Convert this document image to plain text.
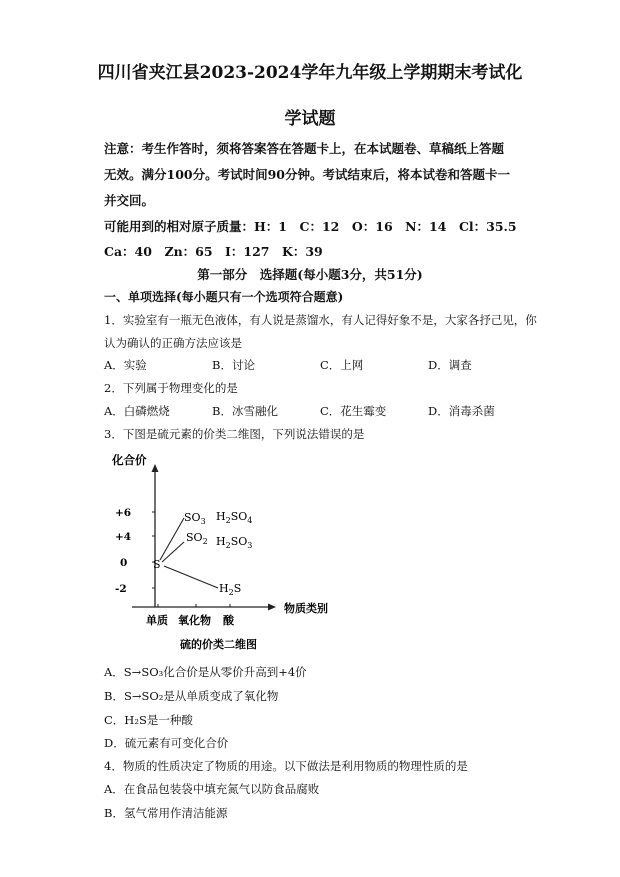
四川省夹江县2023-2024学年九年级上学期期末考试化
学试题
注意：考生作答时，须将答案答在答题卡上，在本试题卷、草稿纸上答题
无效。满分100分。考试时间90分钟。考试结束后，将本试卷和答题卡一
并交回。
可能用到的相对原子质量：H：1　C：12　O：16　N：14　Cl：35.5
Ca：40　Zn：65　I：127　K：39
第一部分　选择题(每小题3分，共51分)
一、单项选择(每小题只有一个选项符合题意)
1．实验室有一瓶无色液体，有人说是蒸馏水，有人记得好象不是，大家各抒己见，你
认为确认的正确方法应该是
A．实验	B．讨论	C．上网	D．调查
2．下列属于物理变化的是
A．白磷燃烧	B．冰雪融化	C．花生霉变	D．消毒杀菌
3．下图是硫元素的价类二维图，下列说法错误的是
化合价
物质类别
+6
+4
0
-2
单质 氧化物 酸
S
$SO_3$
$SO_2$
$H_2SO_4$
$H_2SO_3$
$H_2S$
硫的价类二维图
A．S→SO₃化合价是从零价升高到+4价
B．S→SO₂是从单质变成了氧化物
C．H₂S是一种酸
D．硫元素有可变化合价
4．物质的性质决定了物质的用途。以下做法是利用物质的物理性质的是
A．在食品包装袋中填充氮气以防食品腐败
B．氢气常用作清洁能源
